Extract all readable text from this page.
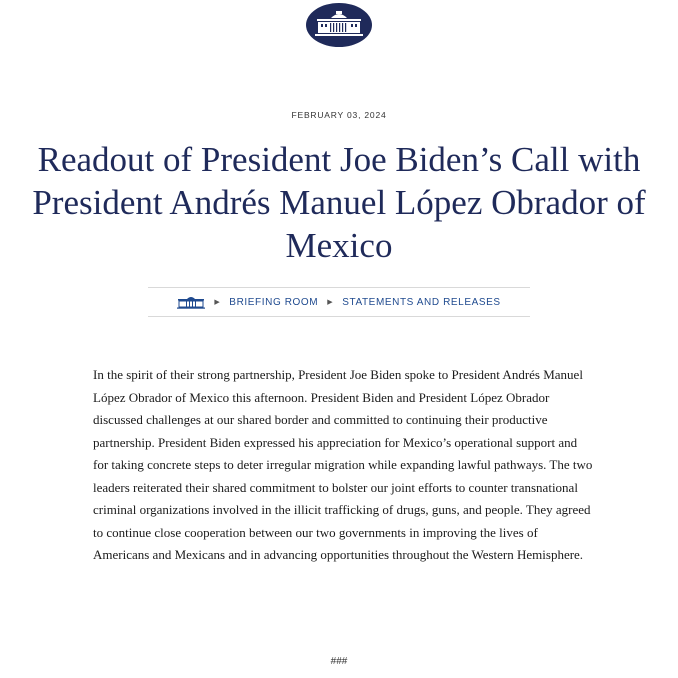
FEBRUARY 03, 2024
Readout of President Joe Biden’s Call with President Andrés Manuel López Obrador of Mexico
▶ BRIEFING ROOM ▶ STATEMENTS AND RELEASES

In the spirit of their strong partnership, President Joe Biden spoke to President Andrés Manuel López Obrador of Mexico this afternoon. President Biden and President López Obrador discussed challenges at our shared border and committed to continuing their productive partnership. President Biden expressed his appreciation for Mexico’s operational support and for taking concrete steps to deter irregular migration while expanding lawful pathways. The two leaders reiterated their shared commitment to bolster our joint efforts to counter transnational criminal organizations involved in the illicit trafficking of drugs, guns, and people. They agreed to continue close cooperation between our two governments in improving the lives of Americans and Mexicans and in advancing opportunities throughout the Western Hemisphere.

###
